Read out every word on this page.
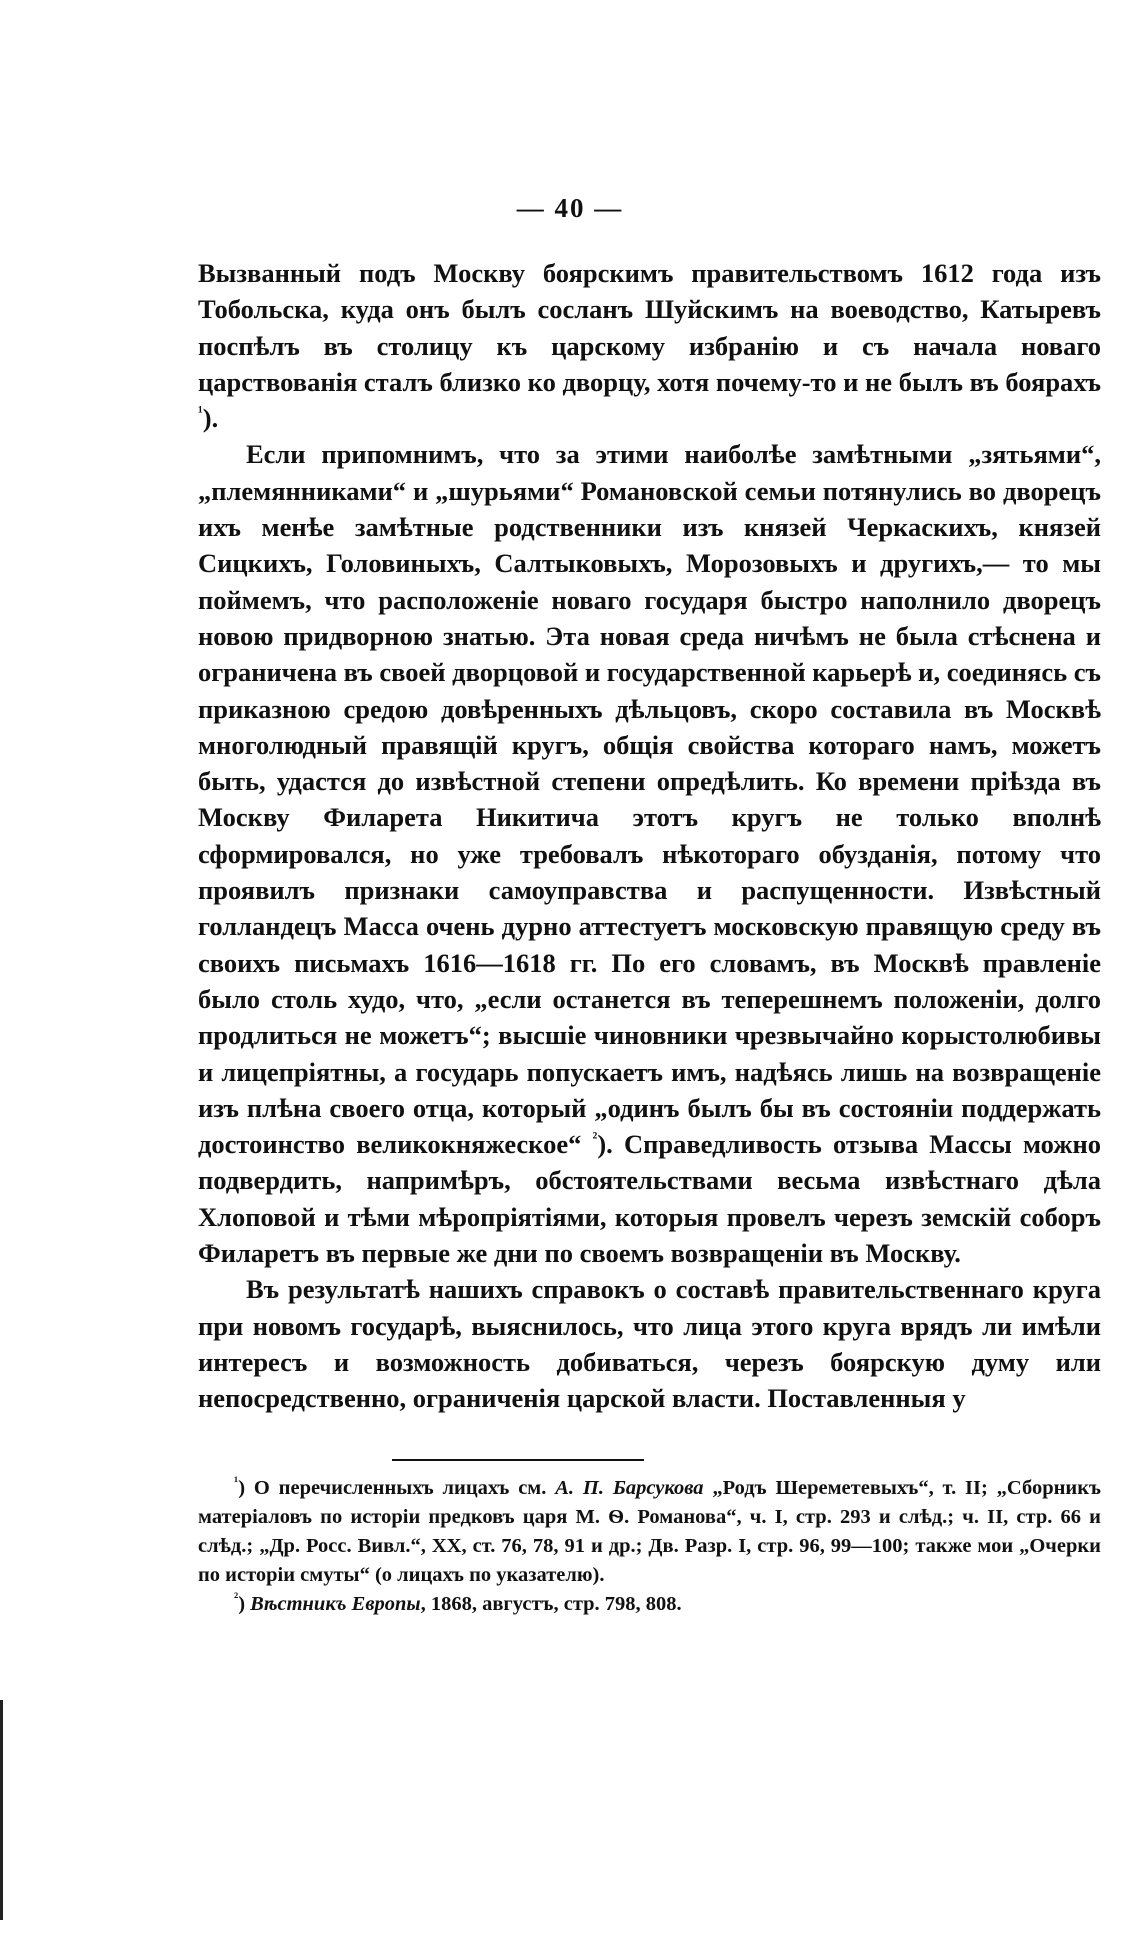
— 40 —

Вызванный подъ Москву боярскимъ правительствомъ 1612 года изъ Тобольска, куда онъ былъ сосланъ Шуйскимъ на воеводство, Катыревъ поспѣлъ въ столицу къ царскому избранію и съ начала новаго царствованія сталъ близко ко дворцу, хотя почему-то и не былъ въ боярахъ $^{^1}$).

Если припомнимъ, что за этими наиболѣе замѣтными „зятьями“, „племянниками“ и „шурьями“ Романовской семьи потянулись во дворецъ ихъ менѣе замѣтные родственники изъ князей Черкаскихъ, князей Сицкихъ, Головиныхъ, Салтыковыхъ, Морозовыхъ и другихъ,— то мы поймемъ, что расположеніе новаго государя быстро наполнило дворецъ новою придворною знатью. Эта новая среда ничѣмъ не была стѣснена и ограничена въ своей дворцовой и государственной карьерѣ и, соединясь съ приказною средою довѣренныхъ дѣльцовъ, скоро составила въ Москвѣ многолюдный правящій кругъ, общія свойства котораго намъ, можетъ быть, удастся до извѣстной степени опредѣлить. Ко времени пріѣзда въ Москву Филарета Никитича этотъ кругъ не только вполнѣ сформировался, но уже требовалъ нѣкотораго обузданія, потому что проявилъ признаки самоуправства и распущенности. Извѣстный голландецъ Масса очень дурно аттестуетъ московскую правящую среду въ своихъ письмахъ 1616—1618 гг. По его словамъ, въ Москвѣ правленіе было столь худо, что, „если останется въ теперешнемъ положеніи, долго продлиться не можетъ“; высшіе чиновники чрезвычайно корыстолюбивы и лицепріятны, а государь попускаетъ имъ, надѣясь лишь на возвращеніе изъ плѣна своего отца, который „одинъ былъ бы въ состояніи поддержать достоинство великокняжеское“ $^{^2}$). Справедливость отзыва Массы можно подвердить, напримѣръ, обстоятельствами весьма извѣстнаго дѣла Хлоповой и тѣми мѣропріятіями, которыя провелъ черезъ земскій соборъ Филаретъ въ первые же дни по своемъ возвращеніи въ Москву.

Въ результатѣ нашихъ справокъ о составѣ правительственнаго круга при новомъ государѣ, выяснилось, что лица этого круга врядъ ли имѣли интересъ и возможность добиваться, черезъ боярскую думу или непосредственно, ограниченія царской власти. Поставленныя у

$^{^1}$) О перечисленныхъ лицахъ см. А. П. Барсукова „Родъ Шереметевыхъ“, т. II; „Сборникъ матеріаловъ по исторіи предковъ царя М. Ѳ. Романова“, ч. I, стр. 293 и слѣд.; ч. II, стр. 66 и слѣд.; „Др. Росс. Вивл.“, XX, ст. 76, 78, 91 и др.; Дв. Разр. I, стр. 96, 99—100; также мои „Очерки по исторіи смуты“ (о лицахъ по указателю).

$^{^2}$) Вѣстникъ Европы, 1868, августъ, стр. 798, 808.
